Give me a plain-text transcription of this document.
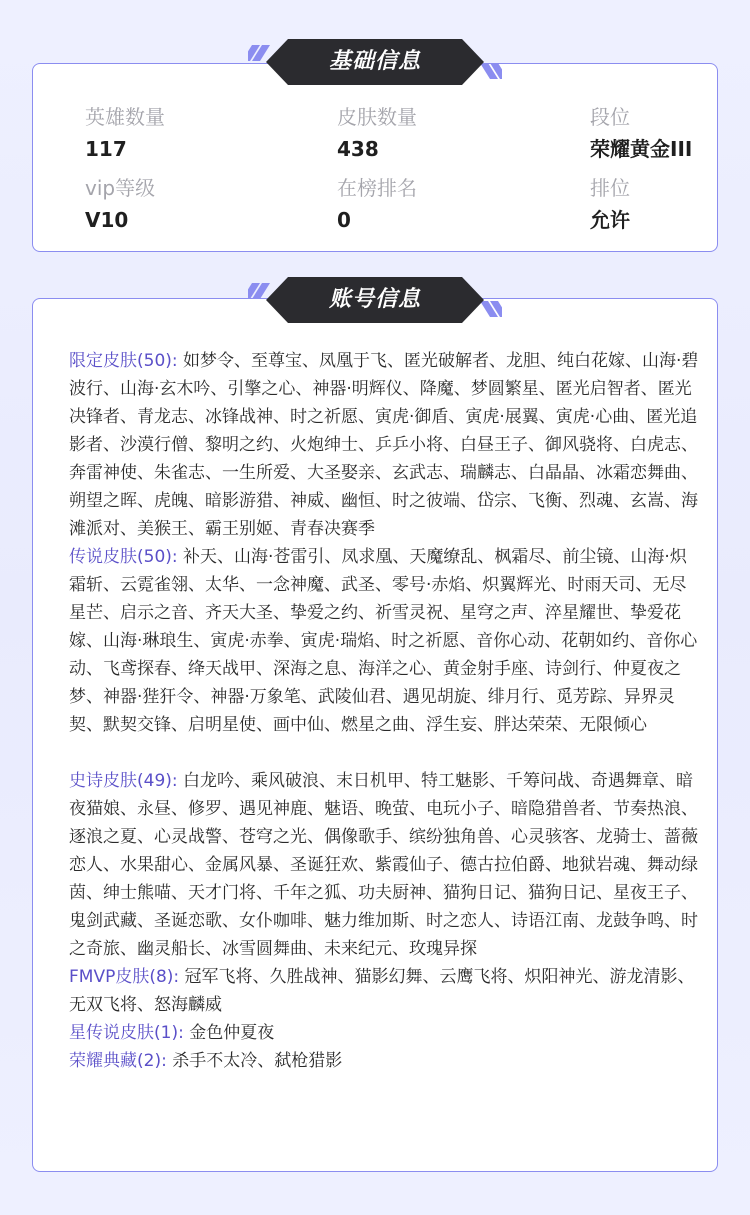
英雄数量
117
皮肤数量
438
段位
荣耀黄金III
vip等级
V10
在榜排名
0
排位
允许
基础信息
限定皮肤(50): 如梦令、至尊宝、凤凰于飞、匿光破解者、龙胆、纯白花嫁、山海·碧波行、山海·玄木吟、引擎之心、神器·明辉仪、降魔、梦圆繁星、匿光启智者、匿光决锋者、青龙志、冰锋战神、时之祈愿、寅虎·御盾、寅虎·展翼、寅虎·心曲、匿光追影者、沙漠行僧、黎明之约、火炮绅士、乒乒小将、白昼王子、御风骁将、白虎志、奔雷神使、朱雀志、一生所爱、大圣娶亲、玄武志、瑞麟志、白晶晶、冰霜恋舞曲、朔望之晖、虎魄、暗影游猎、神威、幽恒、时之彼端、岱宗、飞衡、烈魂、玄嵩、海滩派对、美猴王、霸王别姬、青春决赛季
传说皮肤(50): 补天、山海·苍雷引、凤求凰、天魔缭乱、枫霜尽、前尘镜、山海·炽霜斩、云霓雀翎、太华、一念神魔、武圣、零号·赤焰、炽翼辉光、时雨天司、无尽星芒、启示之音、齐天大圣、挚爱之约、祈雪灵祝、星穹之声、淬星耀世、挚爱花嫁、山海·琳琅生、寅虎·赤拳、寅虎·瑞焰、时之祈愿、音你心动、花朝如约、音你心动、飞鸢探春、绛天战甲、深海之息、海洋之心、黄金射手座、诗剑行、仲夏夜之梦、神器·狴犴令、神器·万象笔、武陵仙君、遇见胡旋、绯月行、觅芳踪、异界灵契、默契交锋、启明星使、画中仙、燃星之曲、浮生妄、胖达荣荣、无限倾心
史诗皮肤(49): 白龙吟、乘风破浪、末日机甲、特工魅影、千筹问战、奇遇舞章、暗夜猫娘、永昼、修罗、遇见神鹿、魅语、晚萤、电玩小子、暗隐猎兽者、节奏热浪、逐浪之夏、心灵战警、苍穹之光、偶像歌手、缤纷独角兽、心灵骇客、龙骑士、蔷薇恋人、水果甜心、金属风暴、圣诞狂欢、紫霞仙子、德古拉伯爵、地狱岩魂、舞动绿茵、绅士熊喵、天才门将、千年之狐、功夫厨神、猫狗日记、猫狗日记、星夜王子、鬼剑武藏、圣诞恋歌、女仆咖啡、魅力维加斯、时之恋人、诗语江南、龙鼓争鸣、时之奇旅、幽灵船长、冰雪圆舞曲、未来纪元、玫瑰异探
FMVP皮肤(8): 冠军飞将、久胜战神、猫影幻舞、云鹰飞将、炽阳神光、游龙清影、无双飞将、怒海麟威
星传说皮肤(1): 金色仲夏夜
荣耀典藏(2): 杀手不太冷、弑枪猎影
账号信息
